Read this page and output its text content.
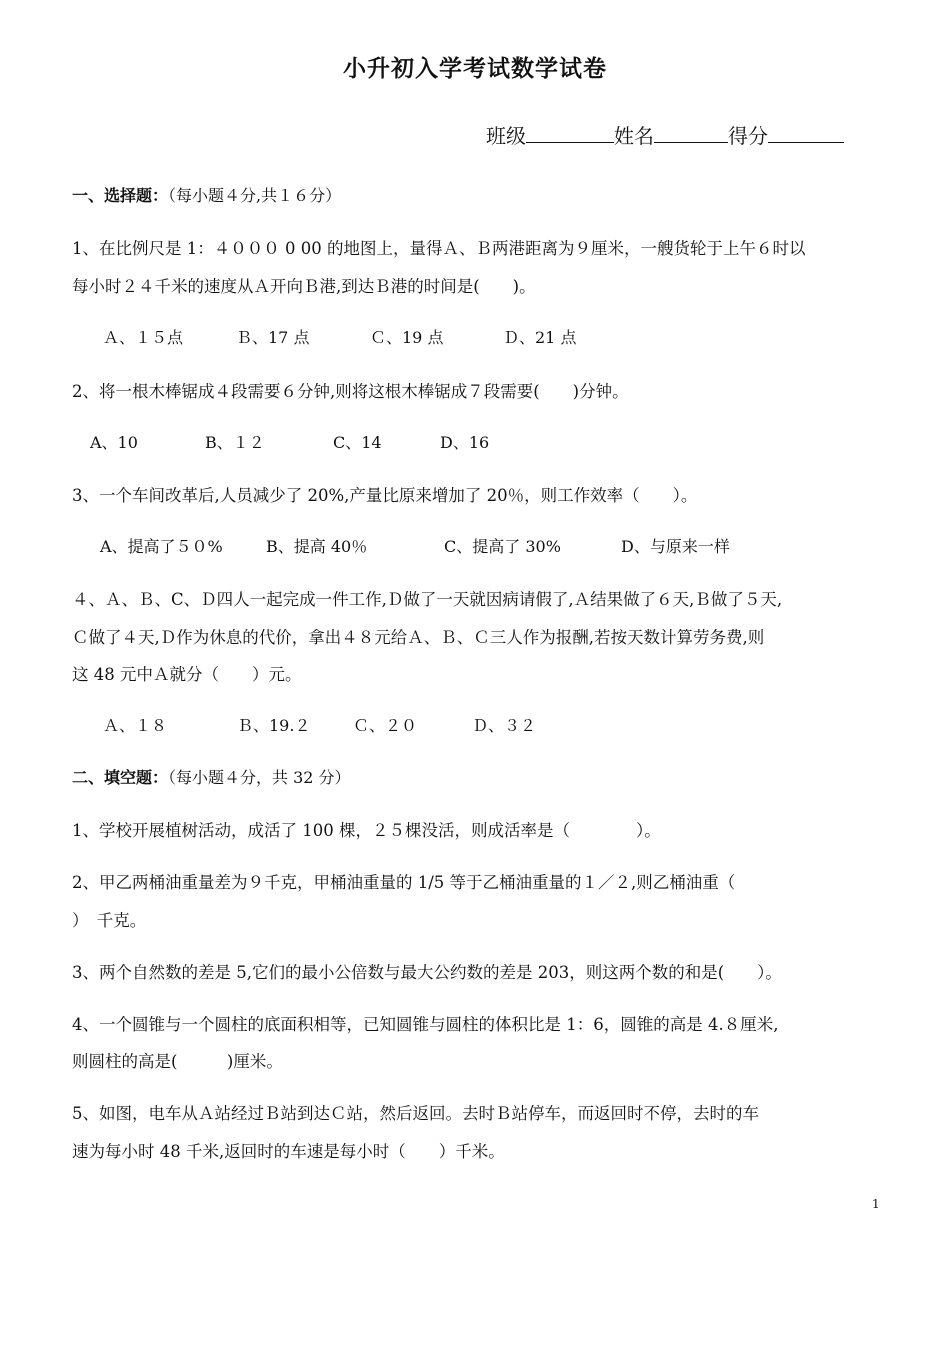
小升初入学考试数学试卷
班级	姓名	得分
一、选择题：（每小题４分,共１６分）
1、在比例尺是 1：４０００ 0 00 的地图上，量得Ａ、Ｂ两港距离为９厘米，一艘货轮于上午６时以
每小时２４千米的速度从Ａ开向Ｂ港,到达Ｂ港的时间是(　　)。
Ａ、１５点	Ｂ、17 点	Ｃ、19 点	Ｄ、21 点
2、将一根木棒锯成４段需要６分钟,则将这根木棒锯成７段需要(　　)分钟。
A、10	B、１２	C、14	D、16
3、一个车间改革后,人员减少了 20%,产量比原来增加了 20％，则工作效率（　　）。
A、提高了５０%	B、提高 40％	C、提高了 30%	D、与原来一样
４、Ａ、Ｂ、C、Ｄ四人一起完成一件工作,Ｄ做了一天就因病请假了,Ａ结果做了６天,Ｂ做了５天,
Ｃ做了４天,Ｄ作为休息的代价，拿出４８元给Ａ、Ｂ、Ｃ三人作为报酬,若按天数计算劳务费,则
这 48 元中Ａ就分（　　）元。
Ａ、１８	Ｂ、19.２	Ｃ、２０	Ｄ、３２
二、填空题：（每小题４分，共 32 分）
1、学校开展植树活动，成活了 100 棵，２５棵没活，则成活率是（　　　　）。
2、甲乙两桶油重量差为９千克，甲桶油重量的 1/5 等于乙桶油重量的１／２,则乙桶油重（
）　千克。
3、两个自然数的差是 5,它们的最小公倍数与最大公约数的差是 203，则这两个数的和是(　　）。
4、一个圆锥与一个圆柱的底面积相等，已知圆锥与圆柱的体积比是 1：6，圆锥的高是 4.８厘米,
则圆柱的高是(　　　)厘米。
5、如图，电车从Ａ站经过Ｂ站到达Ｃ站，然后返回。去时Ｂ站停车，而返回时不停，去时的车
速为每小时 48 千米,返回时的车速是每小时（　　）千米。
1
